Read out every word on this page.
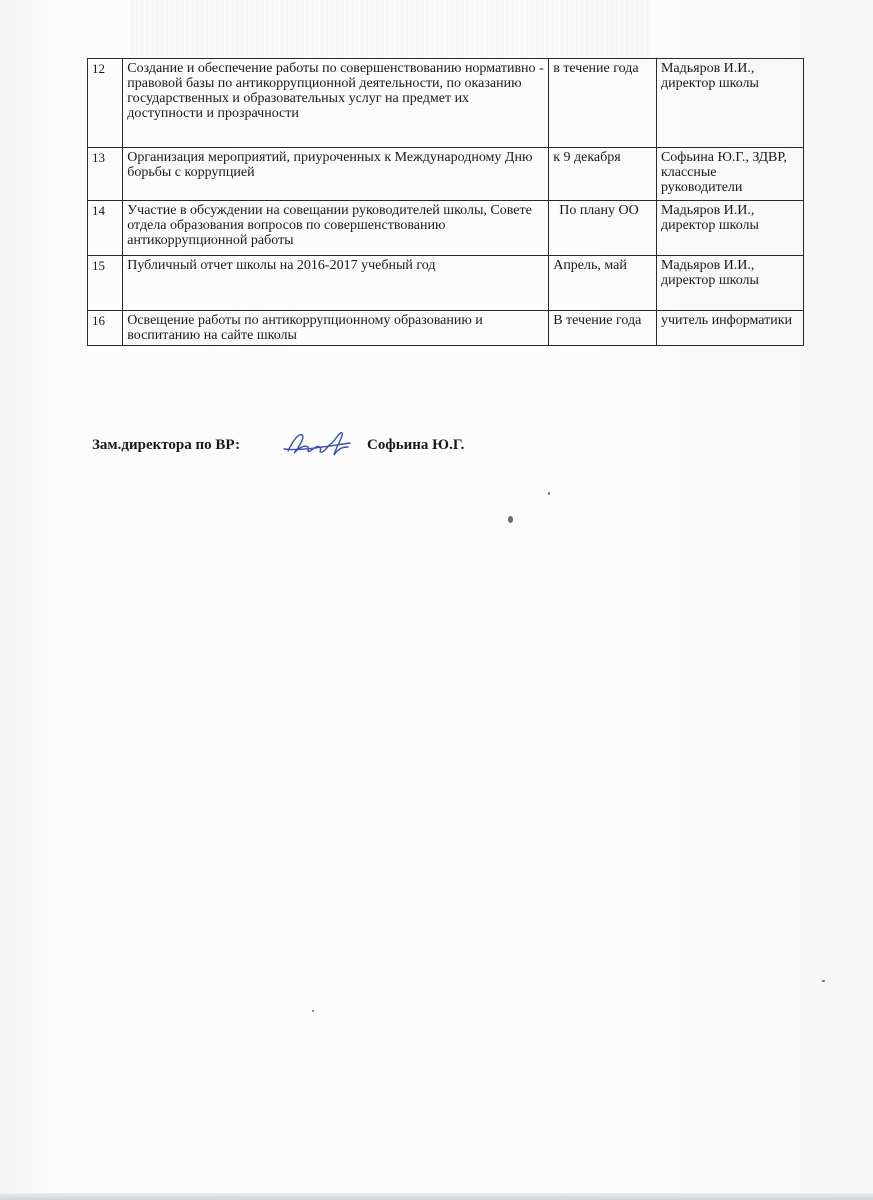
12	Создание и обеспечение работы по совершенствованию нормативно - правовой базы по антикоррупционной деятельности, по оказанию государственных и образовательных услуг на предмет их доступности и прозрачности	в течение года	Мадьяров И.И., директор школы
13	Организация мероприятий, приуроченных к Международному Дню борьбы с коррупцией	к 9 декабря	Софьина Ю.Г., ЗДВР, классные руководители
14	Участие в обсуждении на совещании руководителей школы, Совете отдела образования вопросов по совершенствованию антикоррупционной работы	По плану ОО	Мадьяров И.И., директор школы
15	Публичный отчет школы на 2016-2017 учебный год	Апрель, май	Мадьяров И.И., директор школы
16	Освещение работы по антикоррупционному образованию и воспитанию на сайте школы	В течение года	учитель информатики
Зам.директора по ВР:	Софьина Ю.Г.
